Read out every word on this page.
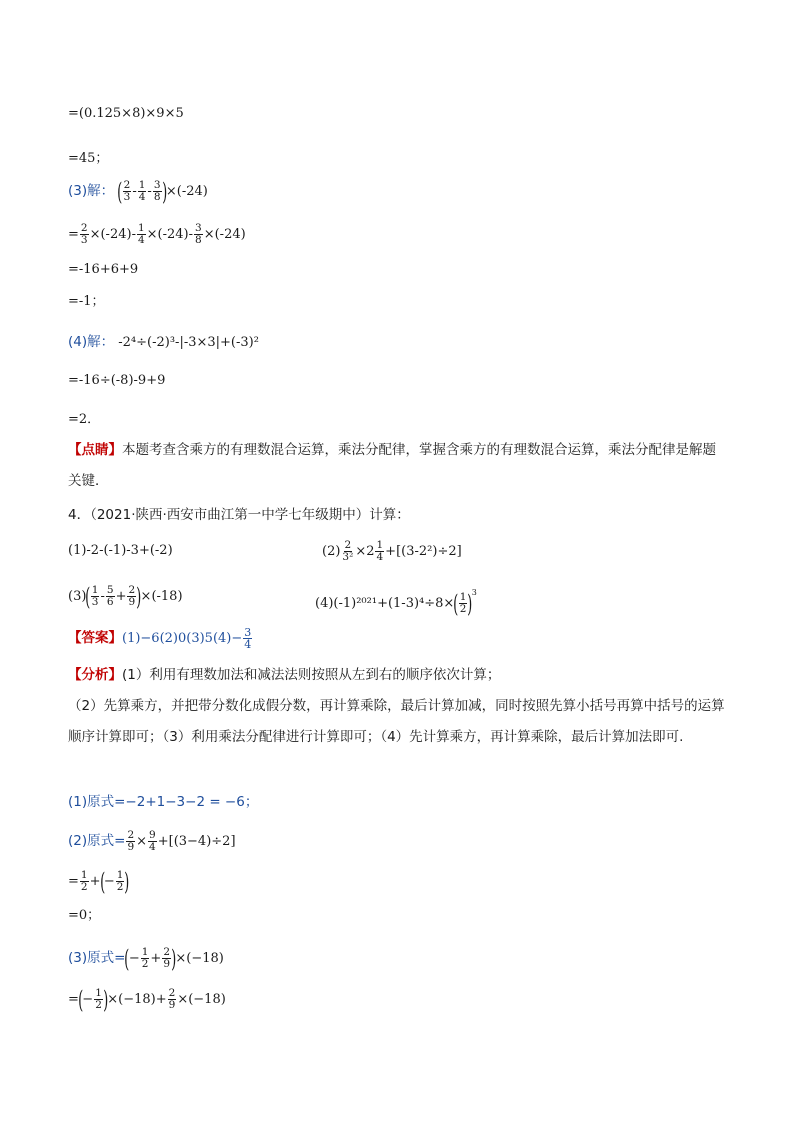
=(0.125×8)×9×5
=45；
(3)解： ( $\frac{2}{3} - \frac{1}{4} - \frac{3}{8} )\times(-24)$
= $\frac{2}{3} \times(-24)- \frac{1}{4} \times(-24)- \frac{3}{8} \times(-24)$
=-16+6+9
=-1；
(4)解： -2⁴÷(-2)³-|-3×3|+(-3)²
=-16÷(-8)-9+9
=2．
【点睛】本题考查含乘方的有理数混合运算，乘法分配律，掌握含乘方的有理数混合运算，乘法分配律是解题关键．
4．（2021·陕西·西安市曲江第一中学七年级期中）计算：
(1)-2-(-1)-3+(-2)	$(2) \frac{2}{\text{3²}} \times 2 \frac{1}{4} +[(3-2^2)\div 2]$
$(3)( \frac{1}{3} - \frac{5}{6} + \frac{2}{9} )\times(-18)$	$(4)(-1)^{2021}+(1-3)^4\div 8\times( \frac{1}{2} )^3$
【答案】$(1)-6(2)0(3)5(4)- \frac{3}{4}$
【分析】(1）利用有理数加法和减法法则按照从左到右的顺序依次计算；
（2）先算乘方，并把带分数化成假分数，再计算乘除，最后计算加减，同时按照先算小括号再算中括号的运算顺序计算即可；（3）利用乘法分配律进行计算即可；（4）先计算乘方，再计算乘除，最后计算加法即可.
(1)原式=−2+1−3−2 = −6；
(2)原式= $\frac{2}{9} \times \frac{9}{4} +[(3-4)\div 2]$
= $\frac{1}{2}$ +(− $\frac{1}{2}$ )
=0；
(3)原式=(− $\frac{1}{2} + \frac{2}{9} )\times(-18)$
=(− $\frac{1}{2} )\times(-18)+ \frac{2}{9} \times(-18)$
